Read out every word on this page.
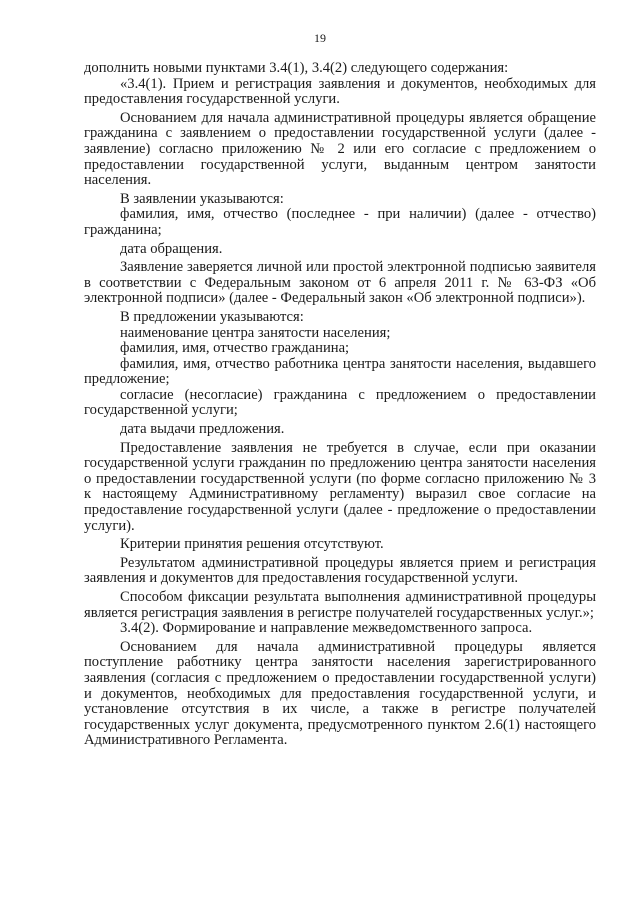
19

дополнить новыми пунктами 3.4(1), 3.4(2) следующего содержания:

«3.4(1). Прием и регистрация заявления и документов, необходимых для предоставления государственной услуги.

Основанием для начала административной процедуры является обращение гражданина с заявлением о предоставлении государственной услуги (далее - заявление) согласно приложению № 2 или его согласие с предложением о предоставлении государственной услуги, выданным центром занятости населения.

В заявлении указываются:

фамилия, имя, отчество (последнее - при наличии) (далее - отчество) гражданина;

дата обращения.

Заявление заверяется личной или простой электронной подписью заявителя в соответствии с Федеральным законом от 6 апреля 2011 г. № 63-ФЗ «Об электронной подписи» (далее - Федеральный закон «Об электронной подписи»).

В предложении указываются:

наименование центра занятости населения;

фамилия, имя, отчество гражданина;

фамилия, имя, отчество работника центра занятости населения, выдавшего предложение;

согласие (несогласие) гражданина с предложением о предоставлении государственной услуги;

дата выдачи предложения.

Предоставление заявления не требуется в случае, если при оказании государственной услуги гражданин по предложению центра занятости населения о предоставлении государственной услуги (по форме согласно приложению № 3 к настоящему Административному регламенту) выразил свое согласие на предоставление государственной услуги (далее - предложение о предоставлении услуги).

Критерии принятия решения отсутствуют.

Результатом административной процедуры является прием и регистрация заявления и документов для предоставления государственной услуги.

Способом фиксации результата выполнения административной процедуры является регистрация заявления в регистре получателей государственных услуг.»;

3.4(2). Формирование и направление межведомственного запроса.

Основанием для начала административной процедуры является поступление работнику центра занятости населения зарегистрированного заявления (согласия с предложением о предоставлении государственной услуги) и документов, необходимых для предоставления государственной услуги, и установление отсутствия в их числе, а также в регистре получателей государственных услуг документа, предусмотренного пунктом 2.6(1) настоящего Административного Регламента.
